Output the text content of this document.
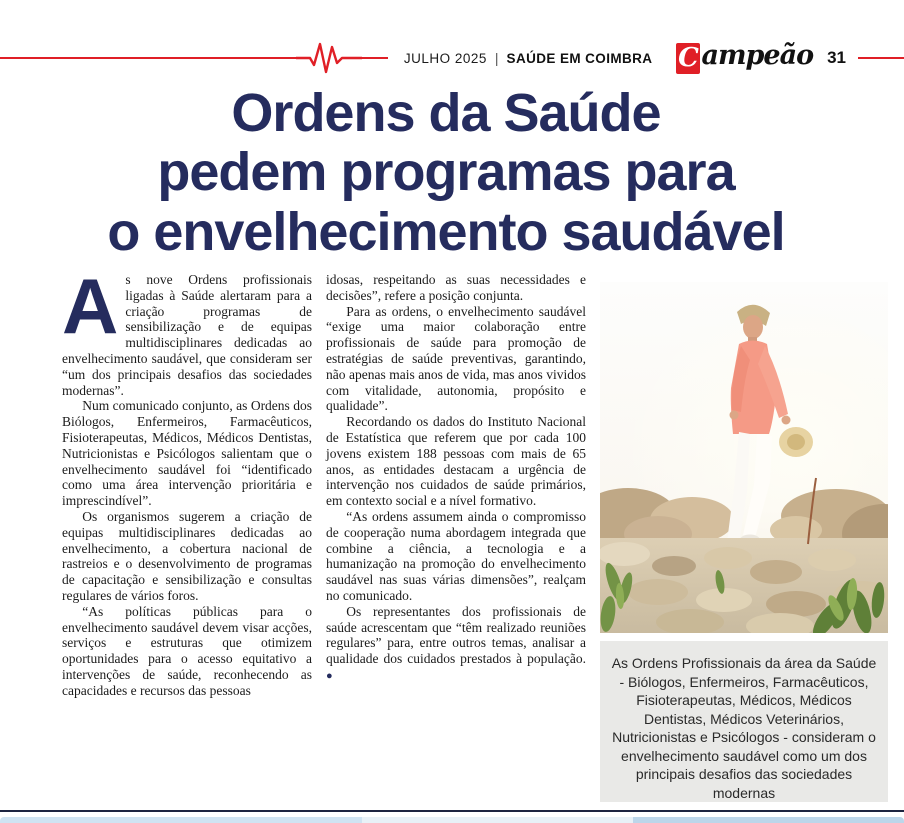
JULHO 2025 | SAÚDE EM COIMBRA C ampeão 31
Ordens da Saúde
pedem programas para
o envelhecimento saudável

As nove Ordens profissionais ligadas à Saúde alertaram para a criação programas de sensibilização e de equipas multidisciplinares dedicadas ao envelhecimento saudável, que consideram ser “um dos principais desafios das sociedades modernas”.

Num comunicado conjunto, as Ordens dos Biólogos, Enfermeiros, Farmacêuticos, Fisioterapeutas, Médicos, Médicos Dentistas, Nutricionistas e Psicólogos salientam que o envelhecimento saudável foi “identificado como uma área intervenção prioritária e imprescindível”.

Os organismos sugerem a criação de equipas multidisciplinares dedicadas ao envelhecimento, a cobertura nacional de rastreios e o desenvolvimento de programas de capacitação e sensibilização e consultas regulares de vários foros.

“As políticas públicas para o envelhecimento saudável devem visar acções, serviços e estruturas que otimizem oportunidades para o acesso equitativo a intervenções de saúde, reconhecendo as capacidades e recursos das pessoas

idosas, respeitando as suas necessidades e decisões”, refere a posição conjunta.

Para as ordens, o envelhecimento saudável “exige uma maior colaboração entre profissionais de saúde para promoção de estratégias de saúde preventivas, garantindo, não apenas mais anos de vida, mas anos vividos com vitalidade, autonomia, propósito e qualidade”.

Recordando os dados do Instituto Nacional de Estatística que referem que por cada 100 jovens existem 188 pessoas com mais de 65 anos, as entidades destacam a urgência de intervenção nos cuidados de saúde primários, em contexto social e a nível formativo.

“As ordens assumem ainda o compromisso de cooperação numa abordagem integrada que combine a ciência, a tecnologia e a humanização na promoção do envelhecimento saudável nas suas várias dimensões”, realçam no comunicado.

Os representantes dos profissionais de saúde acrescentam que “têm realizado reuniões regulares” para, entre outros temas, analisar a qualidade dos cuidados prestados à população. ●

As Ordens Profissionais da área da Saúde - Biólogos, Enfermeiros, Farmacêuticos, Fisioterapeutas, Médicos, Médicos Dentistas, Médicos Veterinários, Nutricionistas e Psicólogos - consideram o envelhecimento saudável como um dos principais desafios das sociedades modernas
